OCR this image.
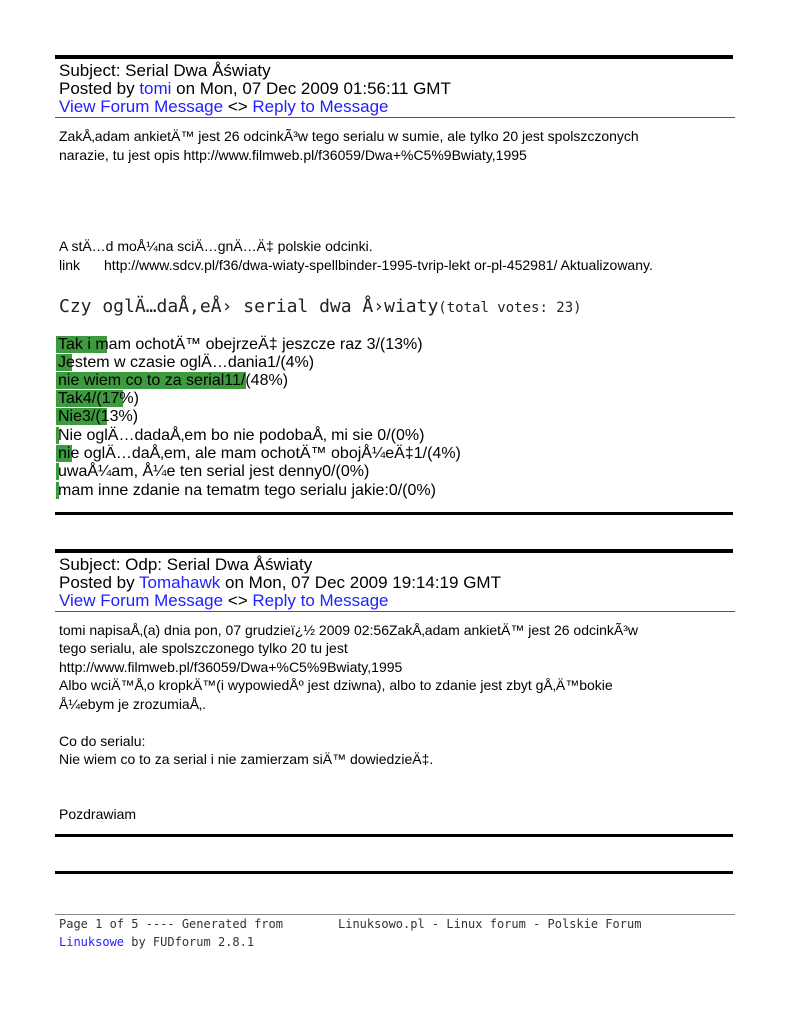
Subject: Serial Dwa Åświaty
Posted by tomi on Mon, 07 Dec 2009 01:56:11 GMT
View Forum Message <> Reply to Message
ZakÅ‚adam ankietÄ™ jest 26 odcinkÃ³w tego serialu w sumie, ale tylko 20 jest spolszczonych
narazie, tu jest opis http://www.filmweb.pl/f36059/Dwa+%C5%9Bwiaty,1995
A stÄ…d moÅ¼na sciÄ…gnÄ…Ä‡ polskie odcinki.
link http://www.sdcv.pl/f36/dwa-wiaty-spellbinder-1995-tvrip-lekt or-pl-452981/ Aktualizowany.
Czy oglÄ…daÅ‚eÅ› serial dwa Å›wiaty(total votes: 23)
Tak i mam ochotÄ™ obejrzeÄ‡ jeszcze raz 3/(13%)
Jestem w czasie oglÄ…dania1/(4%)
nie wiem co to za serial11/(48%)
Tak4/(17%)
Nie3/(13%)
Nie oglÄ…dadaÅ‚em bo nie podobaÅ‚ mi sie 0/(0%)
nie oglÄ…daÅ‚em, ale mam ochotÄ™ obojÅ¼eÄ‡1/(4%)
uwaÅ¼am, Å¼e ten serial jest denny0/(0%)
mam inne zdanie na tematm tego serialu jakie:0/(0%)
Subject: Odp: Serial Dwa Åświaty
Posted by Tomahawk on Mon, 07 Dec 2009 19:14:19 GMT
View Forum Message <> Reply to Message
tomi napisaÅ‚(a) dnia pon, 07 grudzieï¿½ 2009 02:56ZakÅ‚adam ankietÄ™ jest 26 odcinkÃ³w
tego serialu, ale spolszczonego tylko 20 tu jest
http://www.filmweb.pl/f36059/Dwa+%C5%9Bwiaty,1995
Albo wciÄ™Å‚o kropkÄ™(i wypowiedÅº jest dziwna), albo to zdanie jest zbyt gÅ‚Ä™bokie
Å¼ebym je zrozumiaÅ‚.
Co do serialu:
Nie wiem co to za serial i nie zamierzam siÄ™ dowiedzieÄ‡.
Pozdrawiam
Page 1 of 5 ---- Generated from	Linuksowo.pl - Linux forum - Polskie Forum
Linuksowe by FUDforum 2.8.1
